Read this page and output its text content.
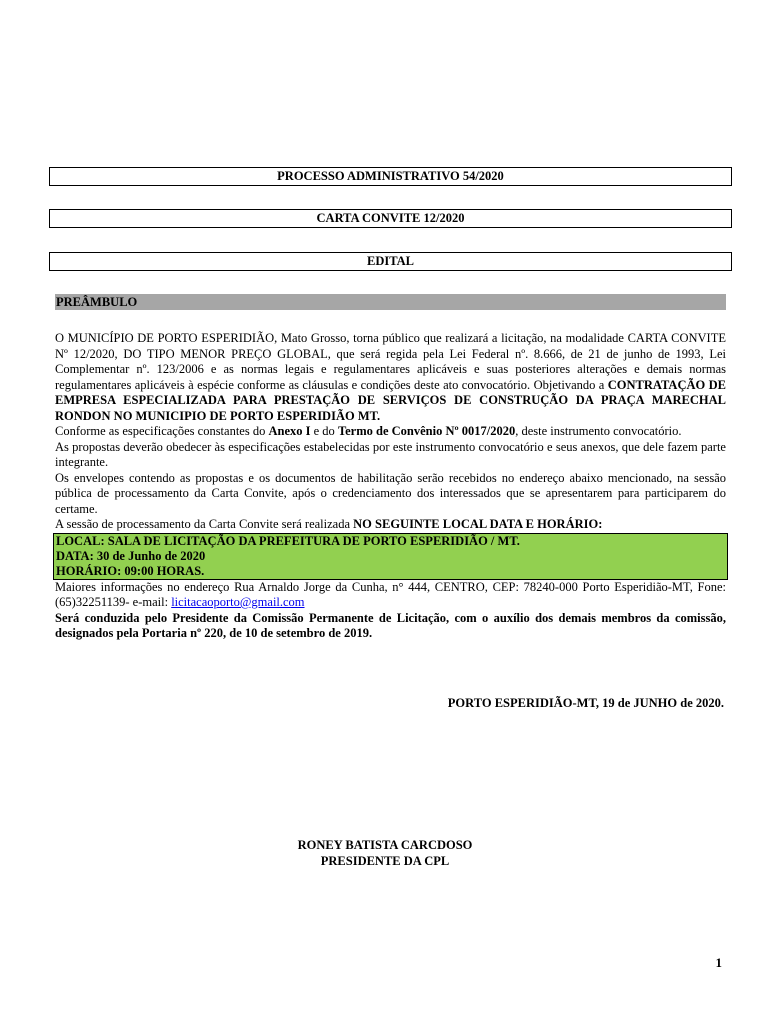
PROCESSO ADMINISTRATIVO 54/2020
CARTA CONVITE 12/2020
EDITAL
PREÂMBULO

O MUNICÍPIO DE PORTO ESPERIDIÃO, Mato Grosso, torna público que realizará a licitação, na modalidade CARTA CONVITE Nº 12/2020, DO TIPO MENOR PREÇO GLOBAL, que será regida pela Lei Federal nº. 8.666, de 21 de junho de 1993, Lei Complementar nº. 123/2006 e as normas legais e regulamentares aplicáveis e suas posteriores alterações e demais normas regulamentares aplicáveis à espécie conforme as cláusulas e condições deste ato convocatório. Objetivando a CONTRATAÇÃO DE EMPRESA ESPECIALIZADA PARA PRESTAÇÃO DE SERVIÇOS DE CONSTRUÇÃO DA PRAÇA MARECHAL RONDON NO MUNICIPIO DE PORTO ESPERIDIÃO MT.

Conforme as especificações constantes do Anexo I e do Termo de Convênio Nº 0017/2020, deste instrumento convocatório.

As propostas deverão obedecer às especificações estabelecidas por este instrumento convocatório e seus anexos, que dele fazem parte integrante.

Os envelopes contendo as propostas e os documentos de habilitação serão recebidos no endereço abaixo mencionado, na sessão pública de processamento da Carta Convite, após o credenciamento dos interessados que se apresentarem para participarem do certame.

A sessão de processamento da Carta Convite será realizada NO SEGUINTE LOCAL DATA E HORÁRIO:

LOCAL: SALA DE LICITAÇÃO DA PREFEITURA DE PORTO ESPERIDIÃO / MT.
DATA: 30 de Junho de 2020
HORÁRIO: 09:00 HORAS.

Maiores informações no endereço Rua Arnaldo Jorge da Cunha, n° 444, CENTRO, CEP: 78240-000 Porto Esperidião-MT, Fone: (65)32251139- e-mail: licitacaoporto@gmail.com

Será conduzida pelo Presidente da Comissão Permanente de Licitação, com o auxílio dos demais membros da comissão, designados pela Portaria nº 220, de 10 de setembro de 2019.

PORTO ESPERIDIÃO-MT, 19 de JUNHO de 2020.
RONEY BATISTA CARCDOSO
PRESIDENTE DA CPL
1
